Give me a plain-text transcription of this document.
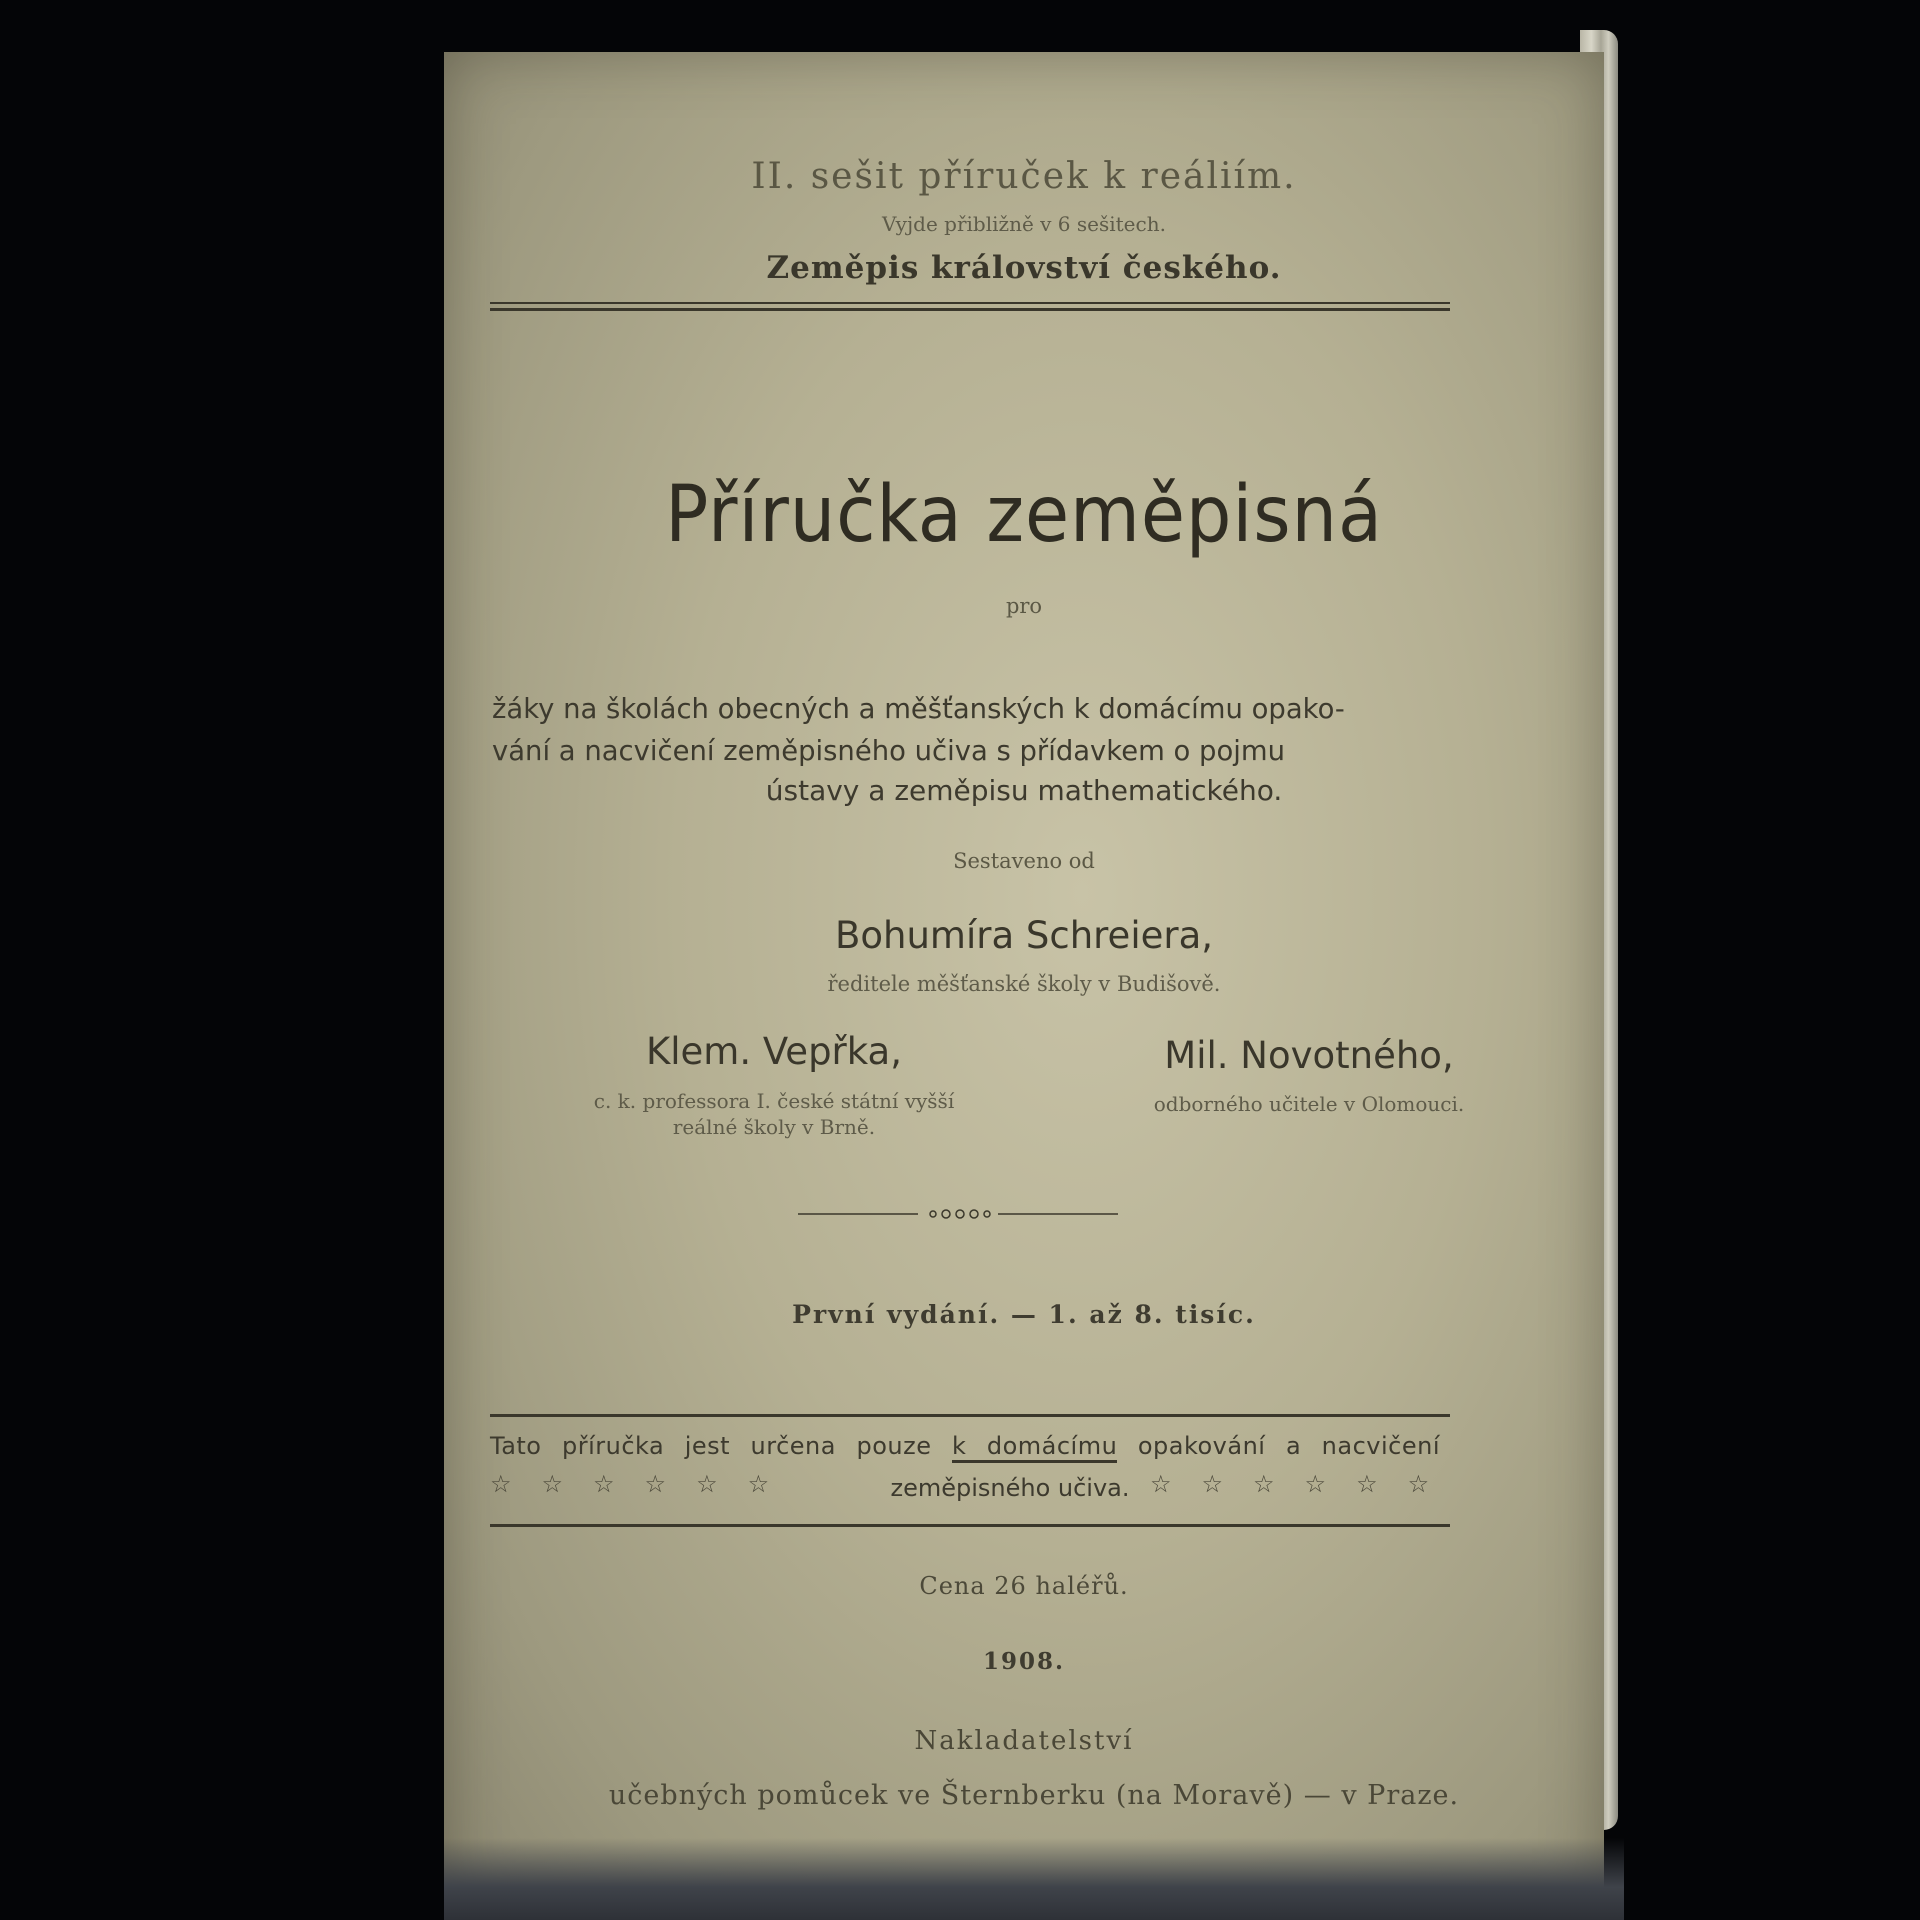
II. sešit příruček k reáliím.
Vyjde přibližně v 6 sešitech.
Zeměpis království českého.
Příručka zeměpisná
pro
žáky na školách obecných a měšťanských k domácímu opako-
vání a nacvičení zeměpisného učiva s přídavkem o pojmu
ústavy a zeměpisu mathematického.
Sestaveno od
Bohumíra Schreiera,
ředitele měšťanské školy v Budišově.
Klem. Vepřka,
c. k. professora I. české státní vyšší
reálné školy v Brně.
Mil. Novotného,
odborného učitele v Olomouci.
První vydání. — 1. až 8. tisíc.
Tato příručka jest určena pouze k domácímu opakování a nacvičení
☆☆☆☆☆☆	zeměpisného učiva. ☆☆☆☆☆☆
Cena 26 haléřů.
1908.
Nakladatelství
učebných pomůcek ve Šternberku (na Moravě) — v Praze.
